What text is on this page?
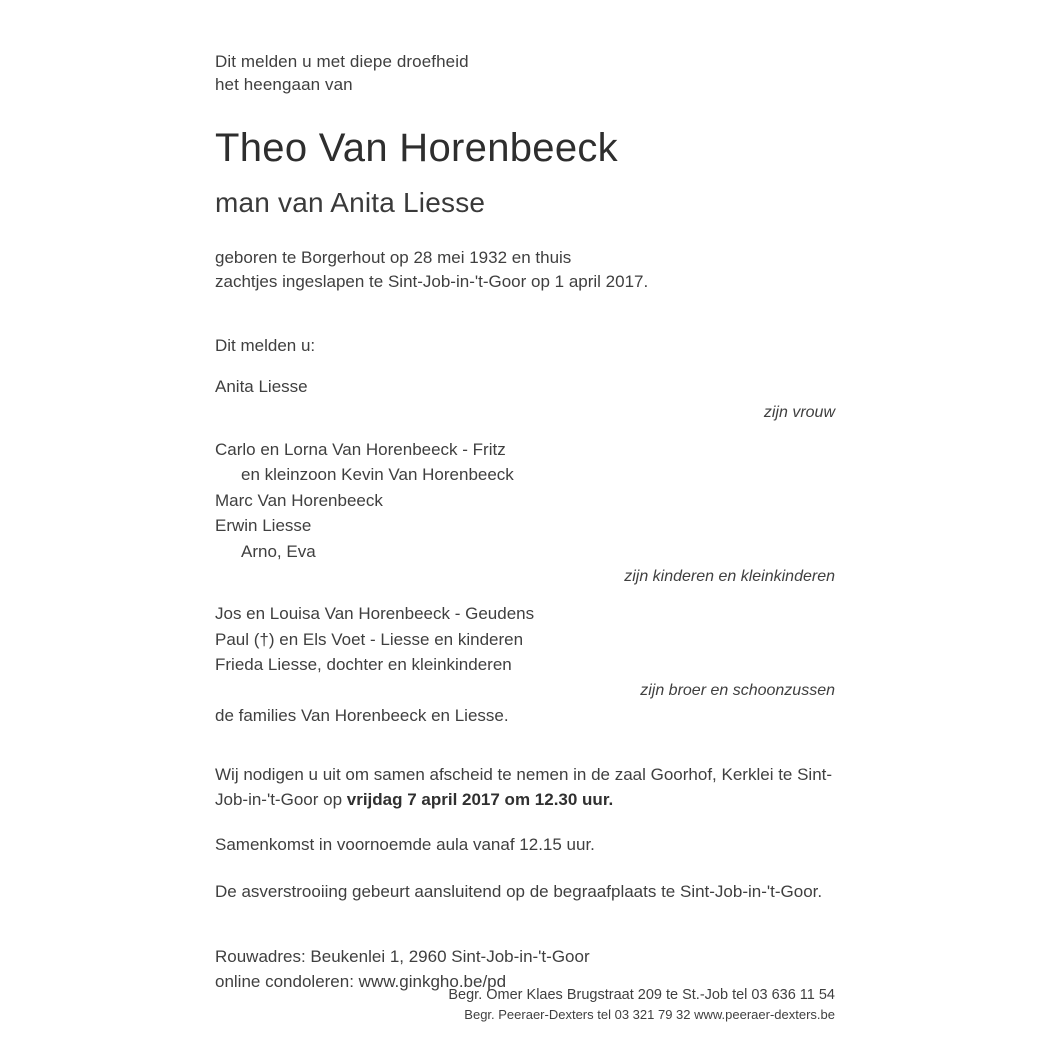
Dit melden u met diepe droefheid
het heengaan van
Theo Van Horenbeeck
man van Anita Liesse
geboren te Borgerhout op 28 mei 1932 en thuis
zachtjes ingeslapen te Sint-Job-in-'t-Goor op 1 april 2017.
Dit melden u:
Anita Liesse
zijn vrouw
Carlo en Lorna Van Horenbeeck - Fritz
en kleinzoon Kevin Van Horenbeeck
Marc Van Horenbeeck
Erwin Liesse
Arno, Eva
zijn kinderen en kleinkinderen
Jos en Louisa Van Horenbeeck - Geudens
Paul (†) en Els Voet - Liesse en kinderen
Frieda Liesse, dochter en kleinkinderen
zijn broer en schoonzussen
de families Van Horenbeeck en Liesse.
Wij nodigen u uit om samen afscheid te nemen in de zaal Goorhof, Kerklei te Sint-Job-in-'t-Goor op vrijdag 7 april 2017 om 12.30 uur.
Samenkomst in voornoemde aula vanaf 12.15 uur.
De asverstrooiing gebeurt aansluitend op de begraafplaats te Sint-Job-in-'t-Goor.
Rouwadres: Beukenlei 1, 2960 Sint-Job-in-'t-Goor
online condoleren: www.ginkgho.be/pd
Begr. Omer Klaes Brugstraat 209 te St.-Job tel 03 636 11 54
Begr. Peeraer-Dexters tel 03 321 79 32 www.peeraer-dexters.be
